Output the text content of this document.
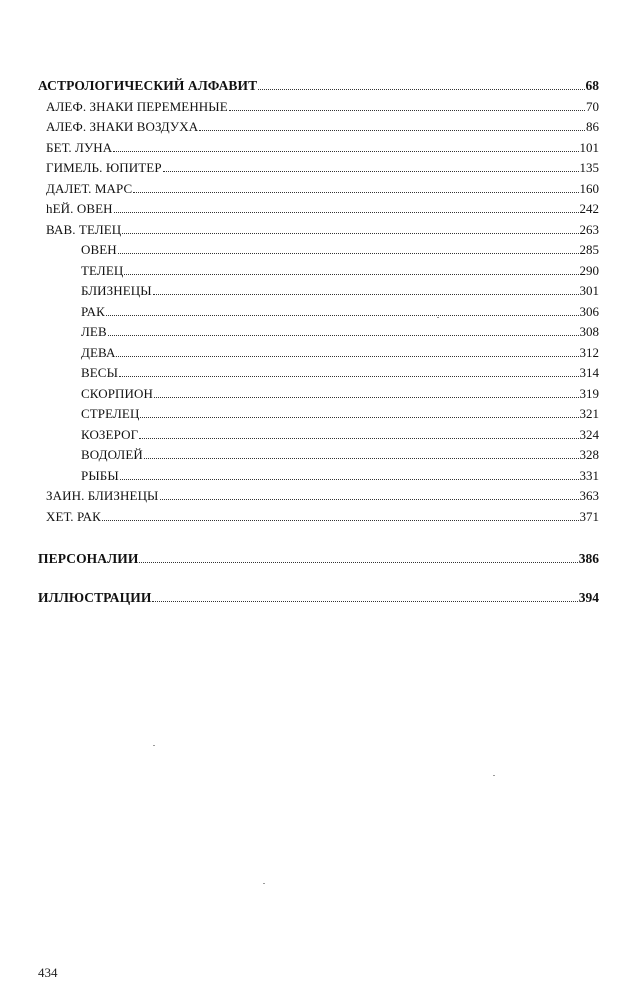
АСТРОЛОГИЧЕСКИЙ АЛФАВИТ	68
АЛЕФ. ЗНАКИ ПЕРЕМЕННЫЕ	70
АЛЕФ. ЗНАКИ ВОЗДУХА	86
БЕТ. ЛУНА	101
ГИМЕЛЬ. ЮПИТЕР	135
ДАЛЕТ. МАРС	160
hЕЙ. ОВЕН	242
ВАВ. ТЕЛЕЦ	263
ОВЕН	285
ТЕЛЕЦ	290
БЛИЗНЕЦЫ	301
РАК	306
ЛЕВ	308
ДЕВА	312
ВЕСЫ	314
СКОРПИОН	319
СТРЕЛЕЦ	321
КОЗЕРОГ	324
ВОДОЛЕЙ	328
РЫБЫ	331
ЗАИН. БЛИЗНЕЦЫ	363
ХЕТ. РАК	371
ПЕРСОНАЛИИ	386
ИЛЛЮСТРАЦИИ	394
434
